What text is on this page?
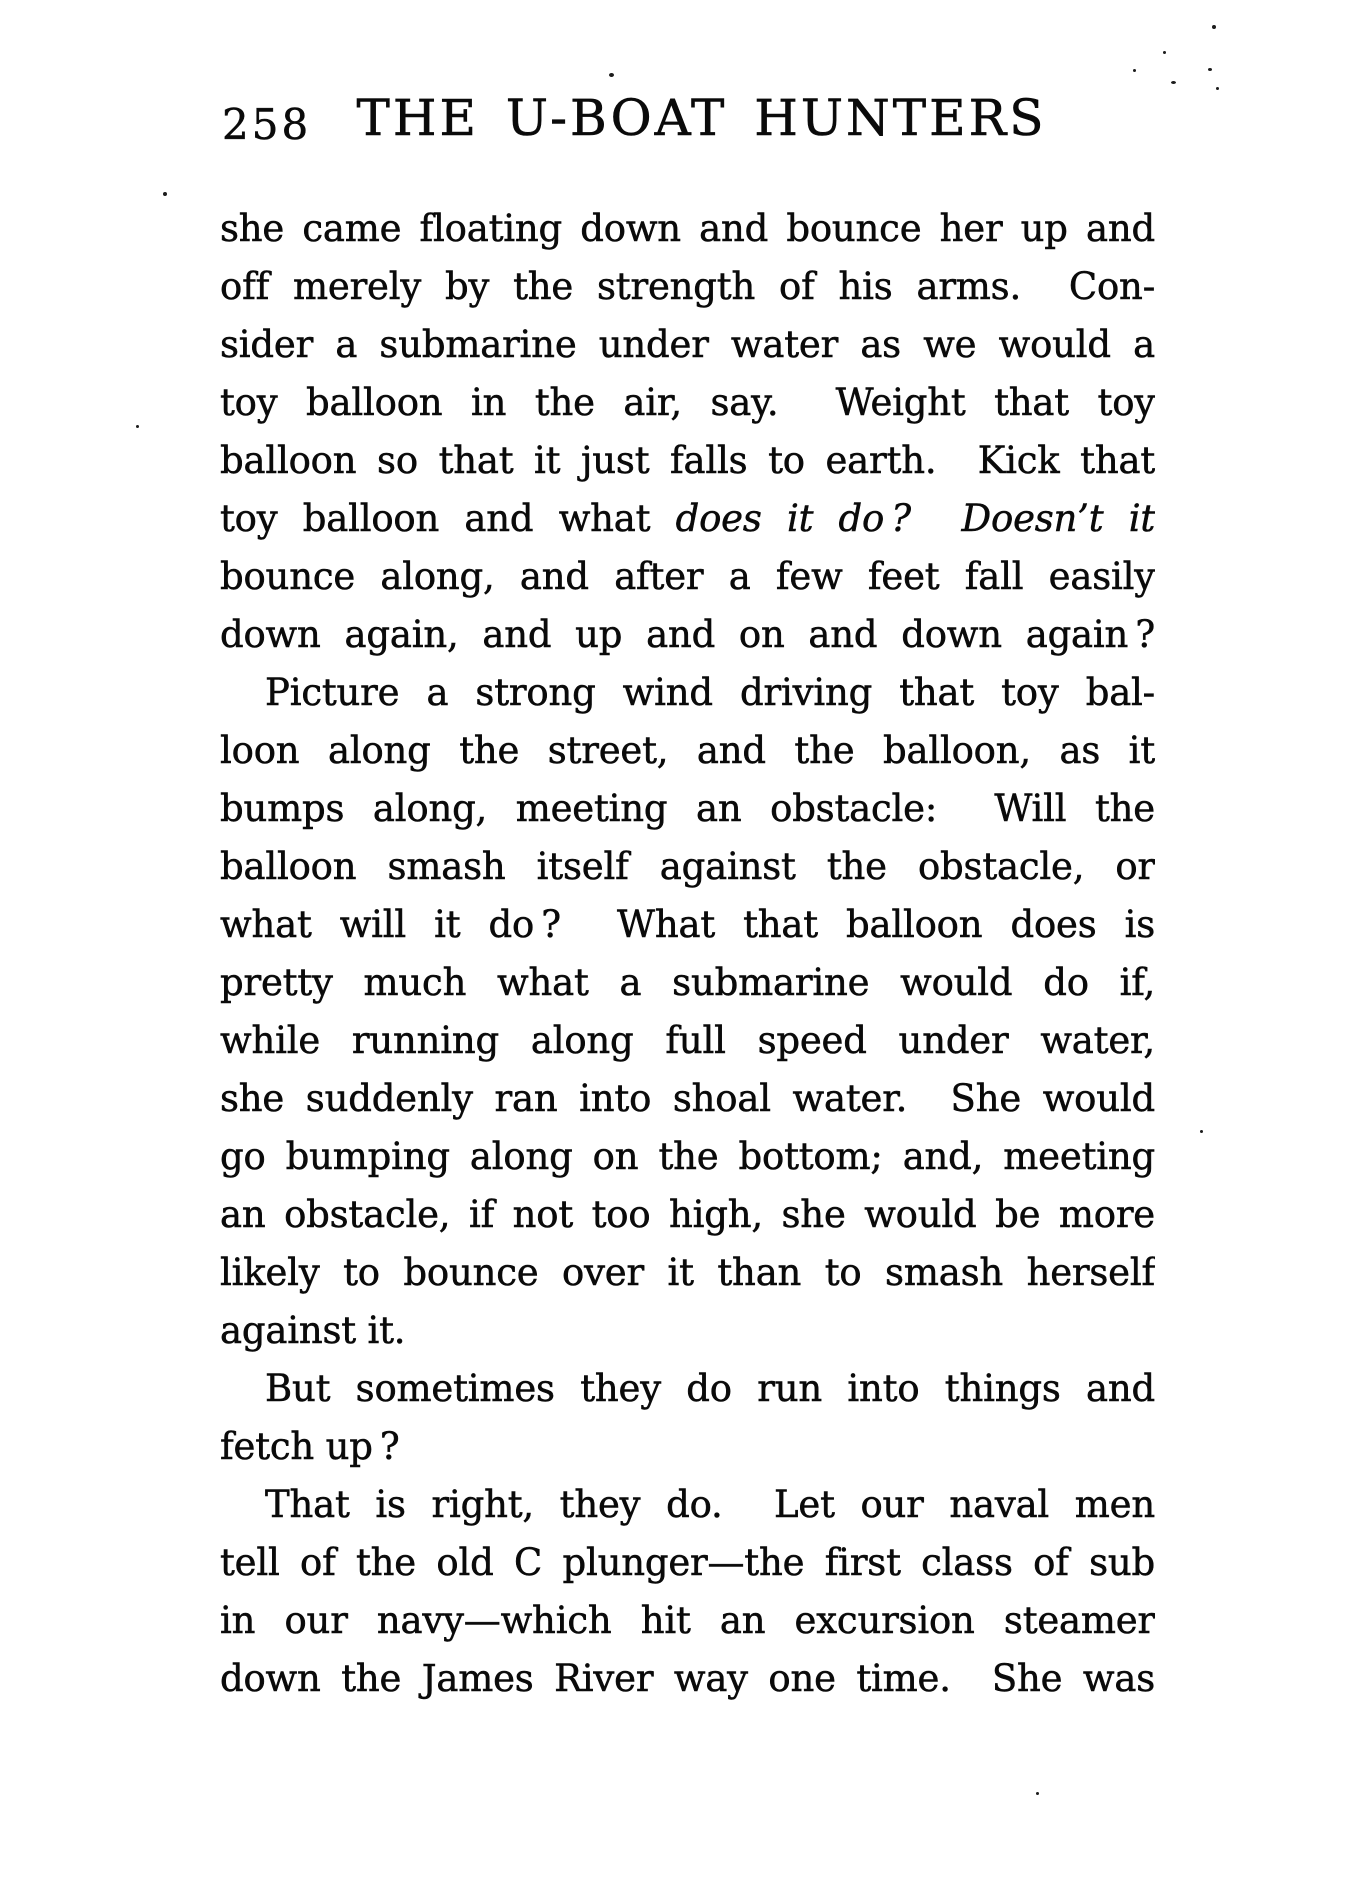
THE U-BOAT HUNTERS
258
she came floating down and bounce her up and
off merely by the strength of his arms.  Con-
sider a submarine under water as we would a
toy balloon in the air, say.  Weight that toy
balloon so that it just falls to earth.  Kick that
toy balloon and what does it do ?  Doesn’t it
bounce along, and after a few feet fall easily
down again, and up and on and down again ?
Picture a strong wind driving that toy bal-
loon along the street, and the balloon, as it
bumps along, meeting an obstacle:  Will the
balloon smash itself against the obstacle, or
what will it do ?  What that balloon does is
pretty much what a submarine would do if,
while running along full speed under water,
she suddenly ran into shoal water.  She would
go bumping along on the bottom; and, meeting
an obstacle, if not too high, she would be more
likely to bounce over it than to smash herself
against it.
But sometimes they do run into things and
fetch up ?
That is right, they do.  Let our naval men
tell of the old C plunger—the first class of sub
in our navy—which hit an excursion steamer
down the James River way one time.  She was
